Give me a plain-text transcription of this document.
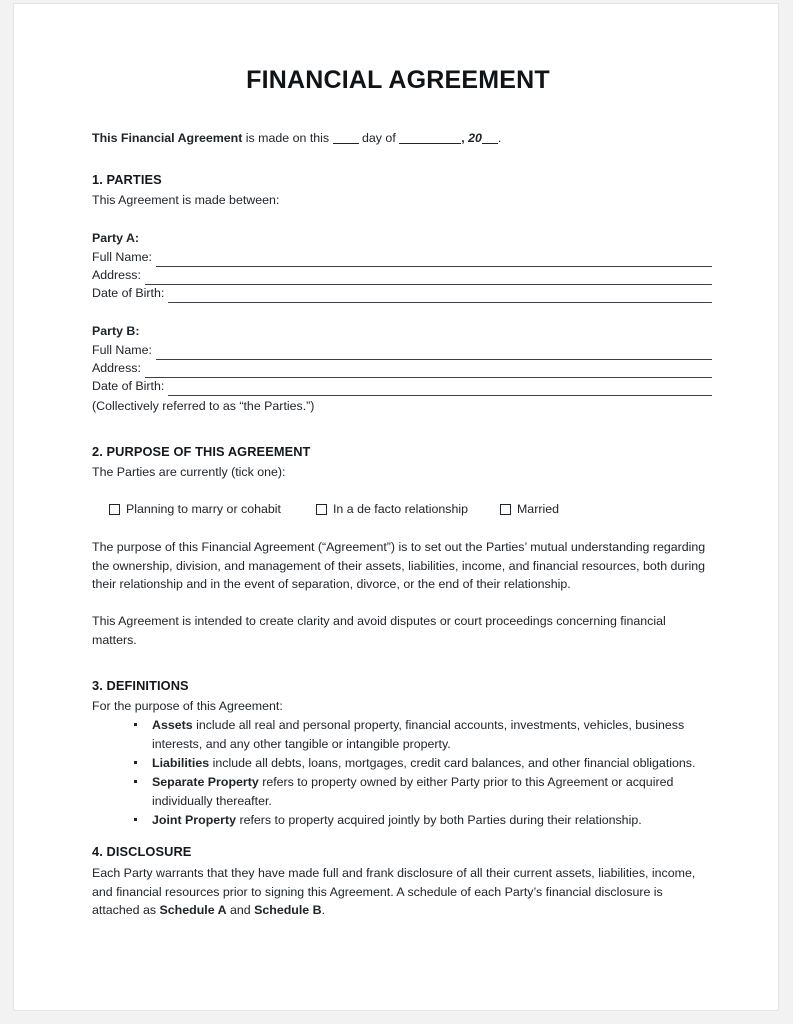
FINANCIAL AGREEMENT

This Financial Agreement is made on this  day of	, 20 .

1. PARTIES

This Agreement is made between:

Party A:
Full Name:
Address:
Date of Birth:
Party B:
Full Name:
Address:
Date of Birth:
(Collectively referred to as “the Parties.”)
2. PURPOSE OF THIS AGREEMENT

The Parties are currently (tick one):

Planning to marry or cohabit	In a de facto relationship	Married

The purpose of this Financial Agreement (“Agreement”) is to set out the Parties’ mutual understanding regarding the ownership, division, and management of their assets, liabilities, income, and financial resources, both during their relationship and in the event of separation, divorce, or the end of their relationship.

This Agreement is intended to create clarity and avoid disputes or court proceedings concerning financial matters.

3. DEFINITIONS

For the purpose of this Agreement:

Assets include all real and personal property, financial accounts, investments, vehicles, business interests, and any other tangible or intangible property.
Liabilities include all debts, loans, mortgages, credit card balances, and other financial obligations.
Separate Property refers to property owned by either Party prior to this Agreement or acquired individually thereafter.
Joint Property refers to property acquired jointly by both Parties during their relationship.
4. DISCLOSURE

Each Party warrants that they have made full and frank disclosure of all their current assets, liabilities, income, and financial resources prior to signing this Agreement. A schedule of each Party’s financial disclosure is attached as Schedule A and Schedule B.
